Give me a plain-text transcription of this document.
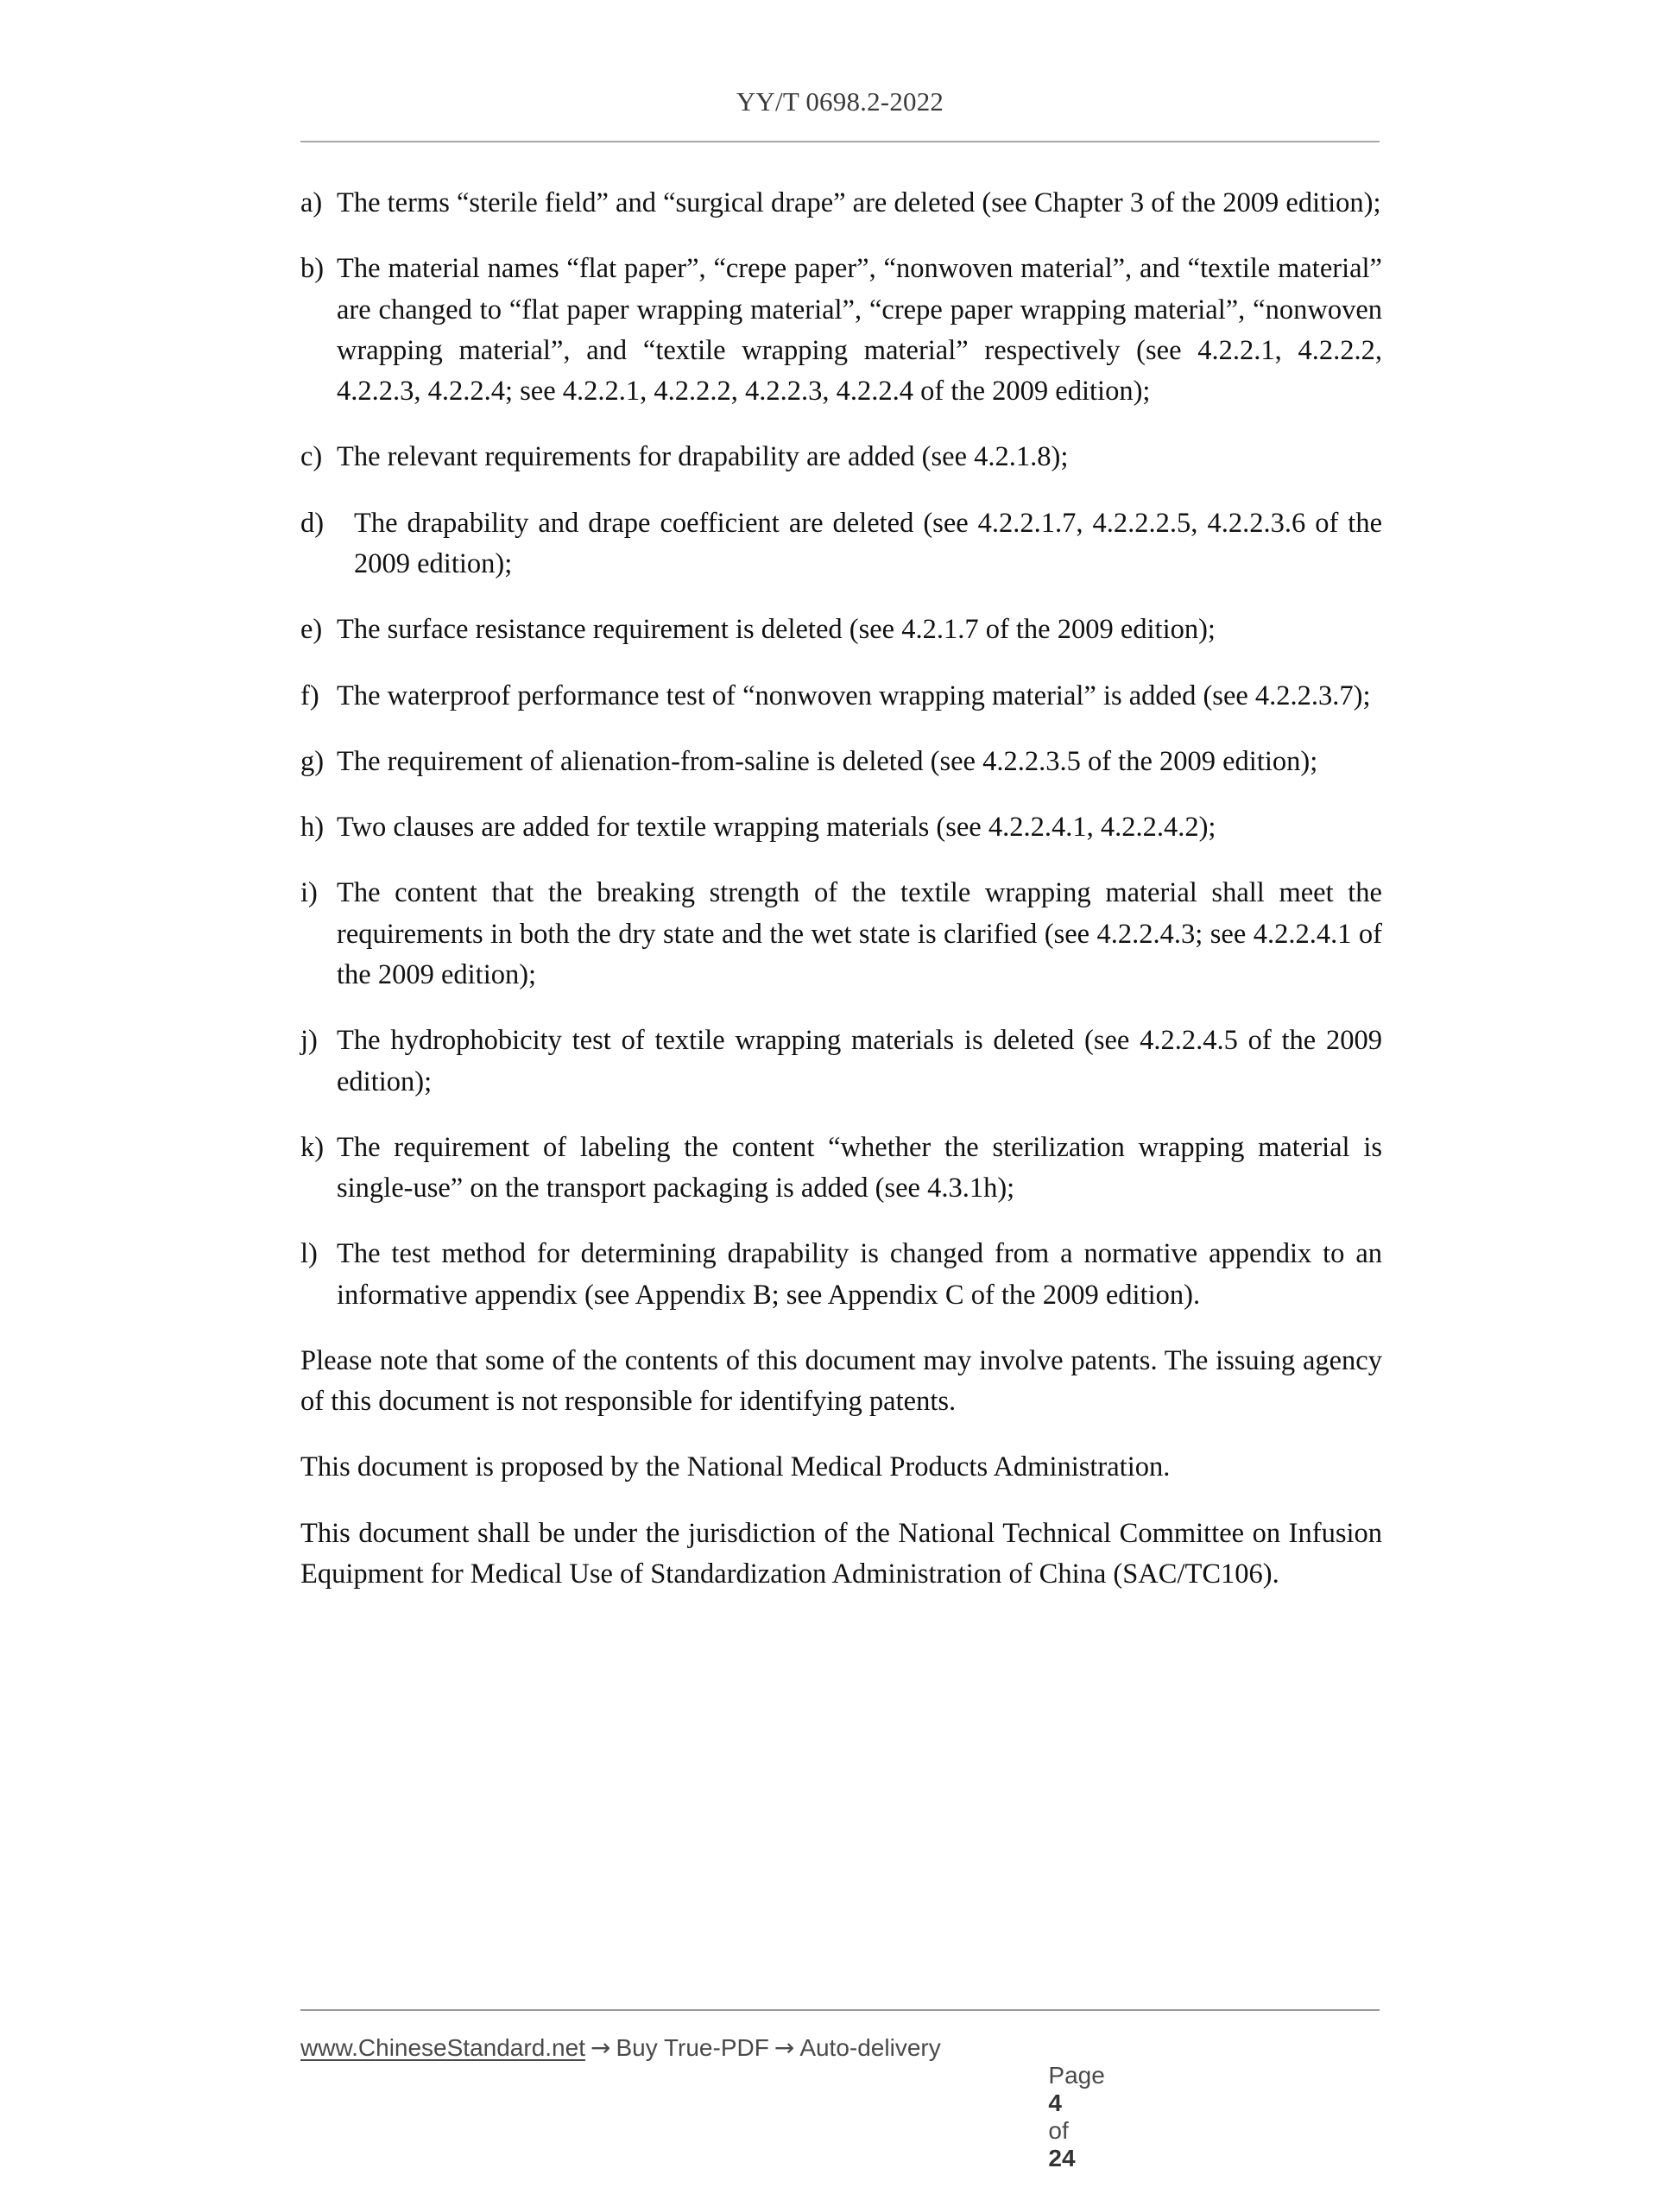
YY/T 0698.2-2022
a) The terms “sterile field” and “surgical drape” are deleted (see Chapter 3 of the 2009 edition);
b) The material names “flat paper”, “crepe paper”, “nonwoven material”, and “textile material” are changed to “flat paper wrapping material”, “crepe paper wrapping material”, “nonwoven wrapping material”, and “textile wrapping material” respectively (see 4.2.2.1, 4.2.2.2, 4.2.2.3, 4.2.2.4; see 4.2.2.1, 4.2.2.2, 4.2.2.3, 4.2.2.4 of the 2009 edition);
c) The relevant requirements for drapability are added (see 4.2.1.8);
d)	The drapability and drape coefficient are deleted (see 4.2.2.1.7, 4.2.2.2.5, 4.2.2.3.6 of the 2009 edition);
e) The surface resistance requirement is deleted (see 4.2.1.7 of the 2009 edition);
f) The waterproof performance test of “nonwoven wrapping material” is added (see 4.2.2.3.7);
g) The requirement of alienation-from-saline is deleted (see 4.2.2.3.5 of the 2009 edition);
h) Two clauses are added for textile wrapping materials (see 4.2.2.4.1, 4.2.2.4.2);
i) The content that the breaking strength of the textile wrapping material shall meet the requirements in both the dry state and the wet state is clarified (see 4.2.2.4.3; see 4.2.2.4.1 of the 2009 edition);
j) The hydrophobicity test of textile wrapping materials is deleted (see 4.2.2.4.5 of the 2009 edition);
k) The requirement of labeling the content “whether the sterilization wrapping material is single-use” on the transport packaging is added (see 4.3.1h);
l) The test method for determining drapability is changed from a normative appendix to an informative appendix (see Appendix B; see Appendix C of the 2009 edition).

Please note that some of the contents of this document may involve patents. The issuing agency of this document is not responsible for identifying patents.

This document is proposed by the National Medical Products Administration.

This document shall be under the jurisdiction of the National Technical Committee on Infusion Equipment for Medical Use of Standardization Administration of China (SAC/TC106).

www.ChineseStandard.net → Buy True-PDF → Auto-delivery

Page
4
of
24
